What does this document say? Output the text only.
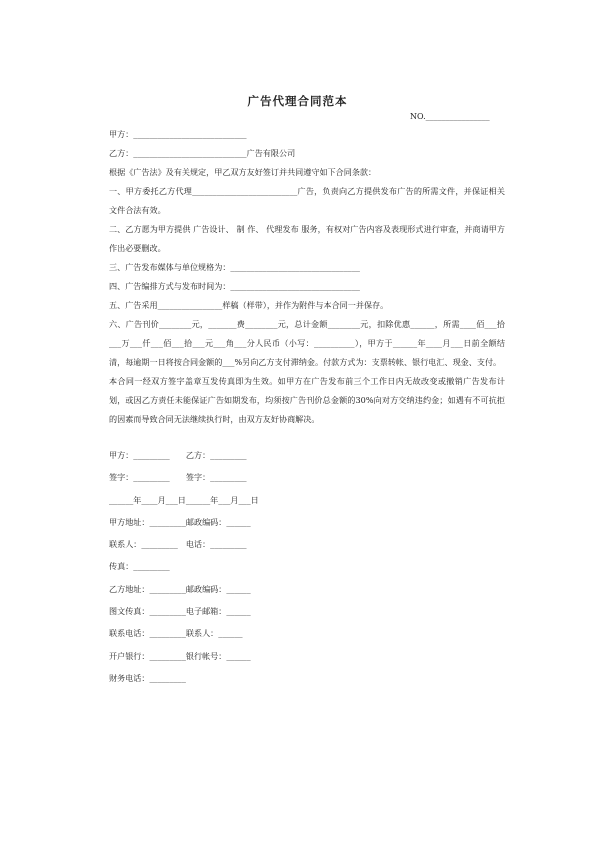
广告代理合同范本
NO.________________

甲方：____________________________

乙方：____________________________广告有限公司

根据《广告法》及有关规定，甲乙双方友好签订并共同遵守如下合同条款：

一、甲方委托乙方代理__________________________广告，负责向乙方提供发布广告的所需文件，并保证相关文件合法有效。

二、乙方愿为甲方提供 广告设计、 制 作、 代理发布 服务，有权对广告内容及表现形式进行审查，并商请甲方作出必要删改。

三、广告发布媒体与单位规格为：________________________________

四、广告编排方式与发布时间为：________________________________

五、广告采用________________样稿（样带），并作为附件与本合同一并保存。

六、广告刊价________元，_______费________元，总计金额________元，扣除优惠______，所需____佰___拾___万___仟___佰___拾___元___角___分人民币（小写：__________），甲方于______年____月___日前全额结清，每逾期一日将按合同金额的___%另向乙方支付滞纳金。付款方式为：支票转帐、银行电汇、现金、支付。

本合同一经双方签字盖章互发传真即为生效。如甲方在广告发布前三个工作日内无故改变或撤销广告发布计划，或因乙方责任未能保证广告如期发布，均须按广告刊价总金额的30%向对方交纳违约金；如遇有不可抗拒的因素而导致合同无法继续执行时，由双方友好协商解决。

甲方：_________　　乙方：_________

签字：_________　　签字：_________

______年____月___日______年___月___日

甲方地址：_________邮政编码：______

联系人：_________　电话：_________

传真：_________

乙方地址：_________邮政编码：______

图文传真：_________电子邮箱：______

联系电话：_________联系人：______

开户银行：_________银行帐号：______

财务电话：_________
